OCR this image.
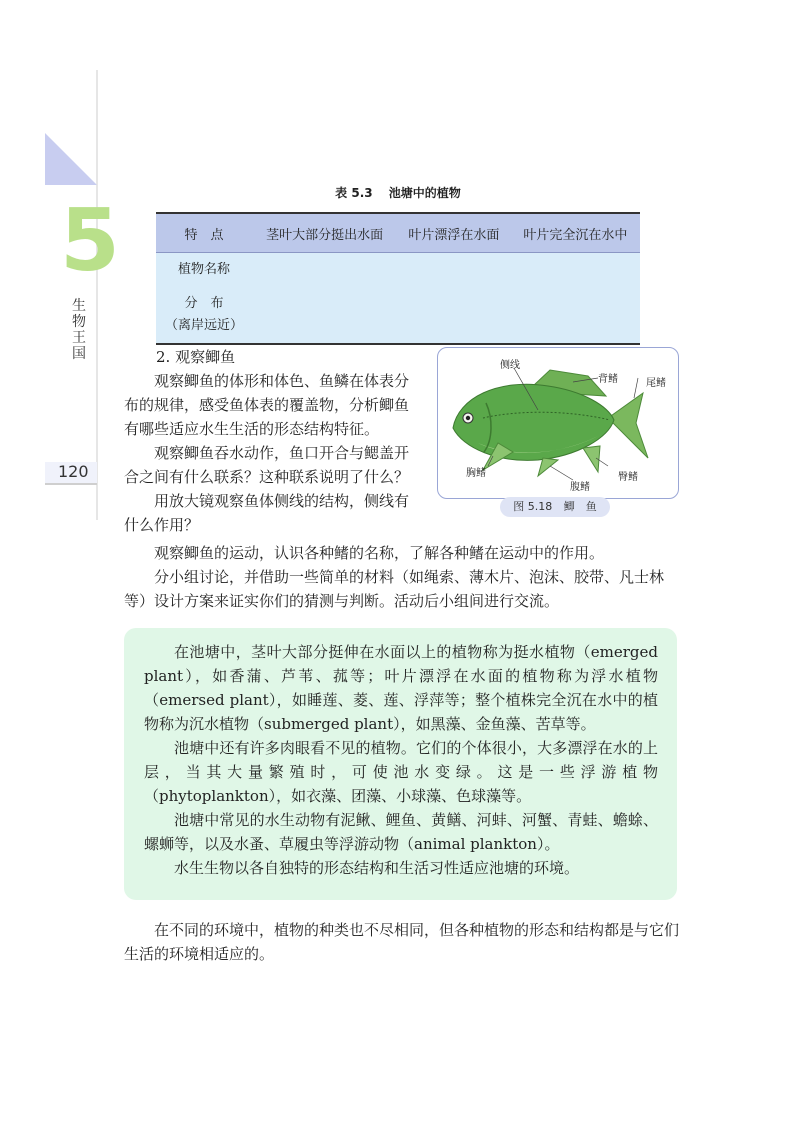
5
生物王国
120
表 5.3 池塘中的植物
特　点	茎叶大部分挺出水面	叶片漂浮在水面	叶片完全沉在水中
植物名称			

分　布
（离岸远近）			

2. 观察鲫鱼

观察鲫鱼的体形和体色、鱼鳞在体表分布的规律，感受鱼体表的覆盖物，分析鲫鱼有哪些适应水生生活的形态结构特征。

观察鲫鱼吞水动作，鱼口开合与鳃盖开合之间有什么联系？这种联系说明了什么？

用放大镜观察鱼体侧线的结构，侧线有什么作用？

侧线
背鳍	尾鳍
胸鳍
腹鳍
臀鳍
图 5.18 鲫　鱼

观察鲫鱼的运动，认识各种鳍的名称，了解各种鳍在运动中的作用。

分小组讨论，并借助一些简单的材料（如绳索、薄木片、泡沫、胶带、凡士林等）设计方案来证实你们的猜测与判断。活动后小组间进行交流。

在池塘中，茎叶大部分挺伸在水面以上的植物称为挺水植物（emerged plant），如香蒲、芦苇、菰等；叶片漂浮在水面的植物称为浮水植物（emersed plant），如睡莲、菱、莲、浮萍等；整个植株完全沉在水中的植物称为沉水植物（submerged plant），如黑藻、金鱼藻、苦草等。

池塘中还有许多肉眼看不见的植物。它们的个体很小，大多漂浮在水的上层，当其大量繁殖时，可使池水变绿。这是一些浮游植物（phytoplankton），如衣藻、团藻、小球藻、色球藻等。

池塘中常见的水生动物有泥鳅、鲤鱼、黄鳝、河蚌、河蟹、青蛙、蟾蜍、螺蛳等，以及水蚤、草履虫等浮游动物（animal plankton）。

水生生物以各自独特的形态结构和生活习性适应池塘的环境。

在不同的环境中，植物的种类也不尽相同，但各种植物的形态和结构都是与它们生活的环境相适应的。
